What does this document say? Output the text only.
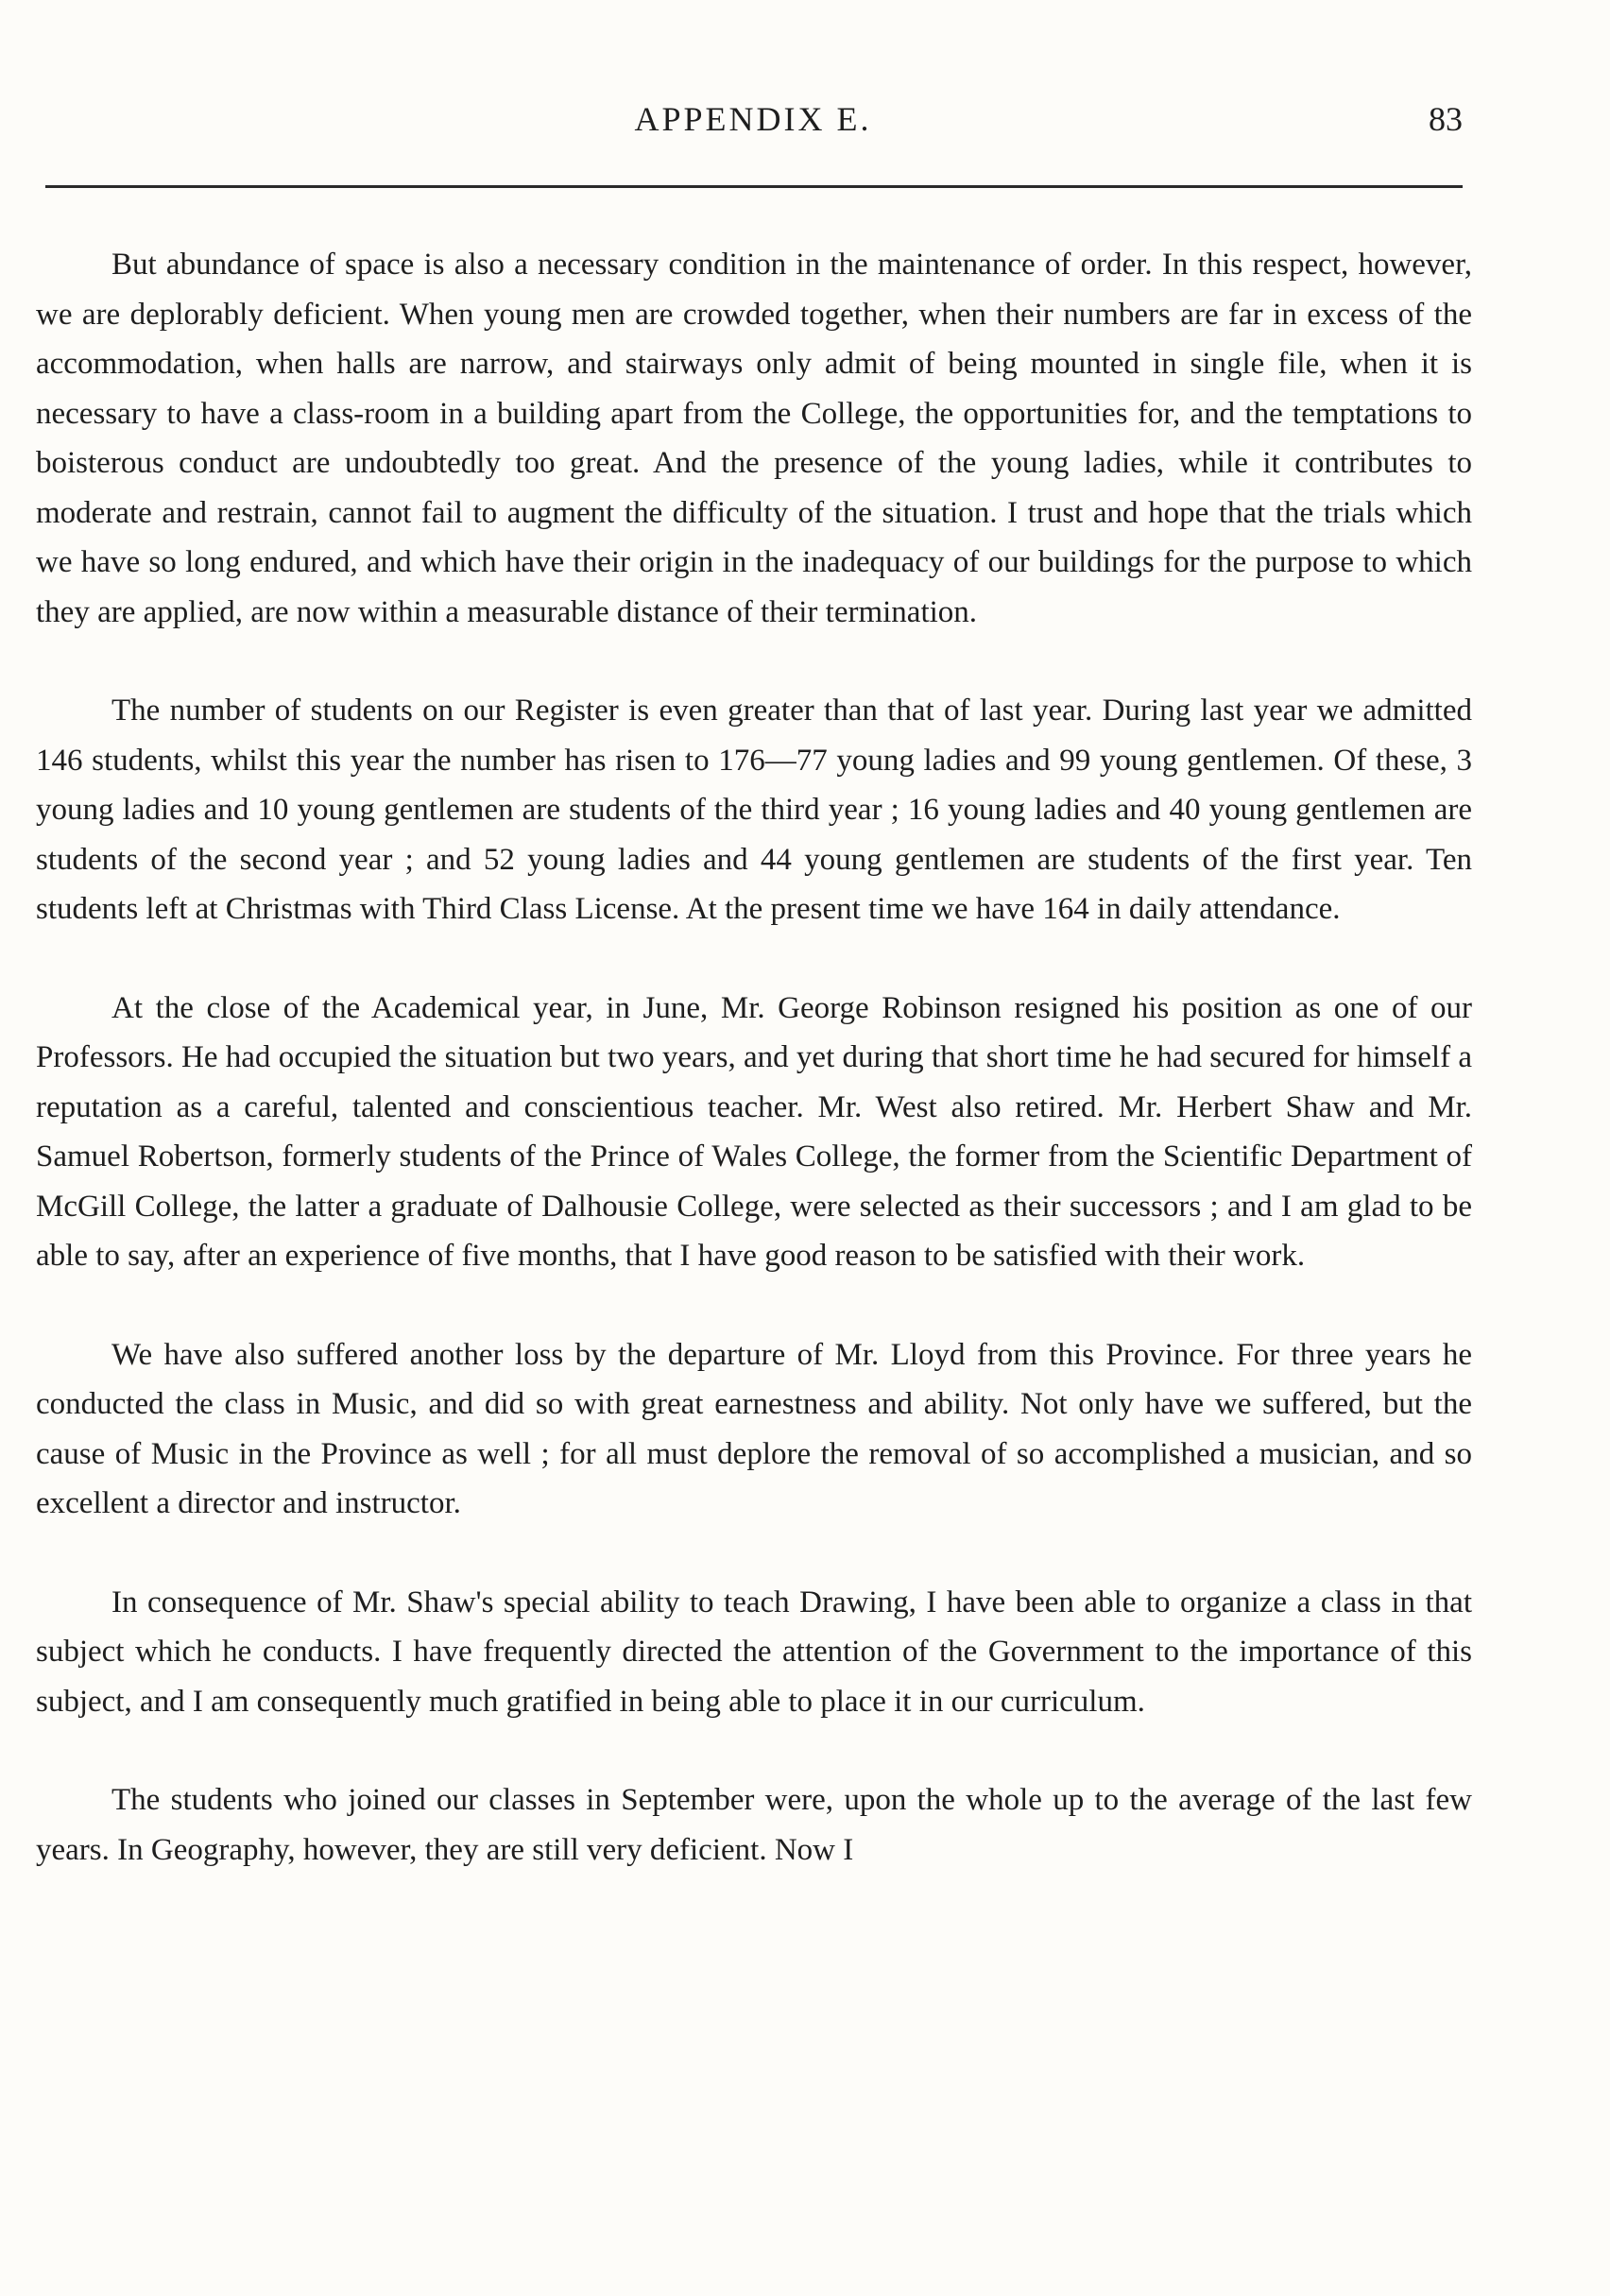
APPENDIX E.	83

But abundance of space is also a necessary condition in the maintenance of order. In this respect, however, we are deplorably deficient. When young men are crowded together, when their numbers are far in excess of the accommodation, when halls are narrow, and stairways only admit of being mounted in single file, when it is necessary to have a class-room in a building apart from the College, the opportunities for, and the temptations to boisterous conduct are undoubtedly too great. And the presence of the young ladies, while it contributes to moderate and restrain, cannot fail to augment the difficulty of the situation. I trust and hope that the trials which we have so long endured, and which have their origin in the inadequacy of our buildings for the purpose to which they are applied, are now within a measurable distance of their termination.

The number of students on our Register is even greater than that of last year. During last year we admitted 146 students, whilst this year the number has risen to 176—77 young ladies and 99 young gentlemen. Of these, 3 young ladies and 10 young gentlemen are students of the third year ; 16 young ladies and 40 young gentlemen are students of the second year ; and 52 young ladies and 44 young gentlemen are students of the first year. Ten students left at Christmas with Third Class License. At the present time we have 164 in daily attendance.

At the close of the Academical year, in June, Mr. George Robinson resigned his position as one of our Professors. He had occupied the situation but two years, and yet during that short time he had secured for himself a reputation as a careful, talented and conscientious teacher. Mr. West also retired. Mr. Herbert Shaw and Mr. Samuel Robertson, formerly students of the Prince of Wales College, the former from the Scientific Department of McGill College, the latter a graduate of Dalhousie College, were selected as their successors ; and I am glad to be able to say, after an experience of five months, that I have good reason to be satisfied with their work.

We have also suffered another loss by the departure of Mr. Lloyd from this Province. For three years he conducted the class in Music, and did so with great earnestness and ability. Not only have we suffered, but the cause of Music in the Province as well ; for all must deplore the removal of so accomplished a musician, and so excellent a director and instructor.

In consequence of Mr. Shaw's special ability to teach Drawing, I have been able to organize a class in that subject which he conducts. I have frequently directed the attention of the Government to the importance of this subject, and I am consequently much gratified in being able to place it in our curriculum.

The students who joined our classes in September were, upon the whole up to the average of the last few years. In Geography, however, they are still very deficient. Now I
